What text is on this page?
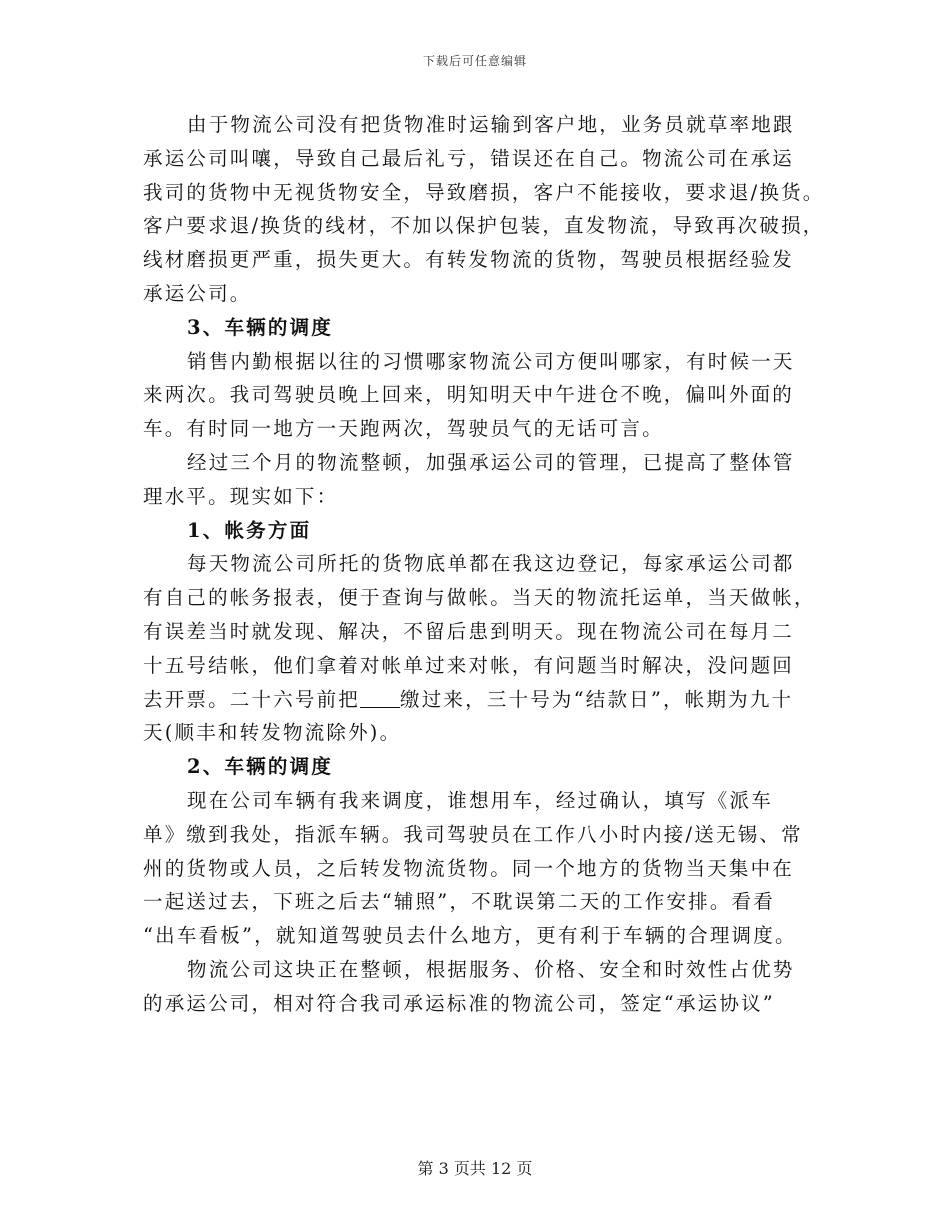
下载后可任意编辑
由于物流公司没有把货物准时运输到客户地，业务员就草率地跟
承运公司叫嚷，导致自己最后礼亏，错误还在自己。物流公司在承运
我司的货物中无视货物安全，导致磨损，客户不能接收，要求退/换货。
客户要求退/换货的线材，不加以保护包装，直发物流，导致再次破损，
线材磨损更严重，损失更大。有转发物流的货物，驾驶员根据经验发
承运公司。
3、车辆的调度
销售内勤根据以往的习惯哪家物流公司方便叫哪家，有时候一天
来两次。我司驾驶员晚上回来，明知明天中午进仓不晚，偏叫外面的
车。有时同一地方一天跑两次，驾驶员气的无话可言。
经过三个月的物流整顿，加强承运公司的管理，已提高了整体管
理水平。现实如下：
1、帐务方面
每天物流公司所托的货物底单都在我这边登记，每家承运公司都
有自己的帐务报表，便于查询与做帐。当天的物流托运单，当天做帐，
有误差当时就发现、解决，不留后患到明天。现在物流公司在每月二
十五号结帐，他们拿着对帐单过来对帐，有问题当时解决，没问题回
去开票。二十六号前把 缴过来，三十号为“结款日”，帐期为九十
天(顺丰和转发物流除外)。
2、车辆的调度
现在公司车辆有我来调度，谁想用车，经过确认，填写《派车
单》缴到我处，指派车辆。我司驾驶员在工作八小时内接/送无锡、常
州的货物或人员，之后转发物流货物。同一个地方的货物当天集中在
一起送过去，下班之后去“辅照”，不耽误第二天的工作安排。看看
“出车看板”，就知道驾驶员去什么地方，更有利于车辆的合理调度。
物流公司这块正在整顿，根据服务、价格、安全和时效性占优势
的承运公司，相对符合我司承运标准的物流公司，签定“承运协议”
第 3 页共 12 页
